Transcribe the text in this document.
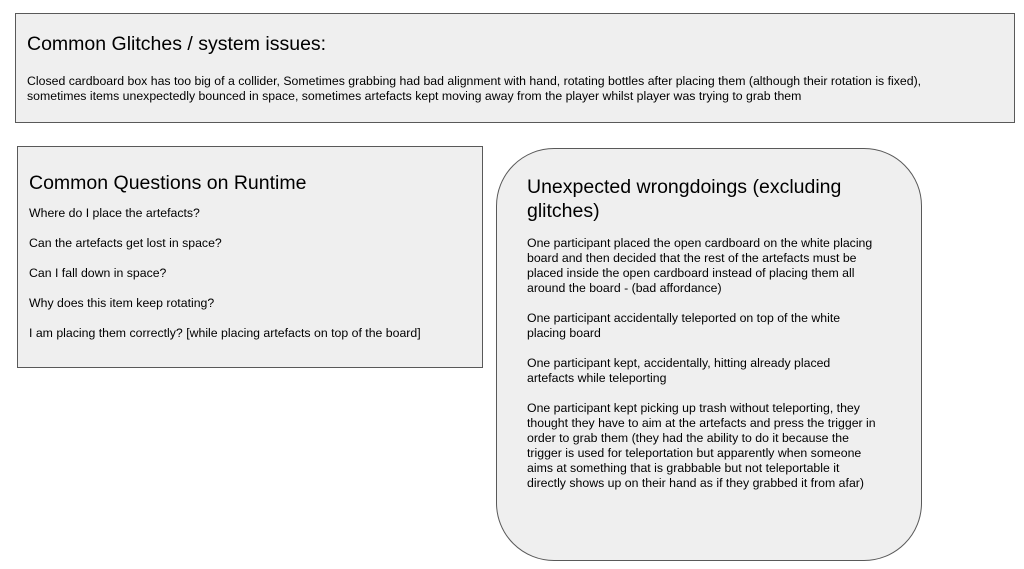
Common Glitches / system issues:
Closed cardboard box has too big of a collider, Sometimes grabbing had bad alignment with hand, rotating bottles after placing them (although their rotation is fixed),
sometimes items unexpectedly bounced in space, sometimes artefacts kept moving away from the player whilst player was trying to grab them
Common Questions on Runtime
Where do I place the artefacts?
Can the artefacts get lost in space?
Can I fall down in space?
Why does this item keep rotating?
I am placing them correctly? [while placing artefacts on top of the board]
Unexpected wrongdoings (excluding
glitches)
One participant placed the open cardboard on the white placing
board and then decided that the rest of the artefacts must be
placed inside the open cardboard instead of placing them all
around the board - (bad affordance)
One participant accidentally teleported on top of the white
placing board
One participant kept, accidentally, hitting already placed
artefacts while teleporting
One participant kept picking up trash without teleporting, they
thought they have to aim at the artefacts and press the trigger in
order to grab them (they had the ability to do it because the
trigger is used for teleportation but apparently when someone
aims at something that is grabbable but not teleportable it
directly shows up on their hand as if they grabbed it from afar)
